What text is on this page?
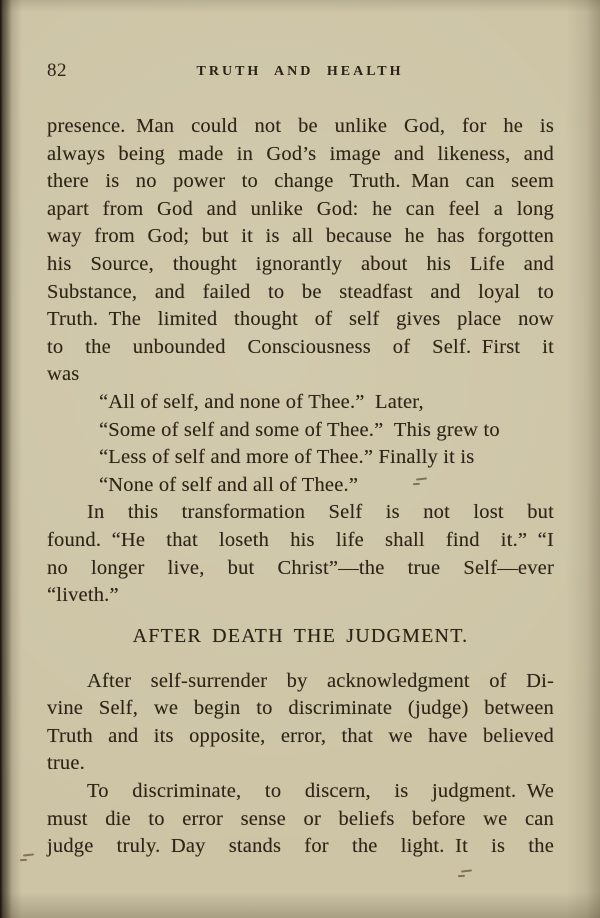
82	TRUTH AND HEALTH
presence. Man could not be unlike God, for he is
always being made in God’s image and likeness, and
there is no power to change Truth. Man can seem
apart from God and unlike God: he can feel a long
way from God; but it is all because he has forgotten
his Source, thought ignorantly about his Life and
Substance, and failed to be steadfast and loyal to
Truth. The limited thought of self gives place now
to the unbounded Consciousness of Self. First it
was
“All of self, and none of Thee.” Later,
“Some of self and some of Thee.” This grew to
“Less of self and more of Thee.” Finally it is
“None of self and all of Thee.”
In this transformation Self is not lost but
found. “He that loseth his life shall find it.” “I
no longer live, but Christ”—the true Self—ever
“liveth.”
AFTER DEATH THE JUDGMENT.
After self-surrender by acknowledgment of Di-
vine Self, we begin to discriminate (judge) between
Truth and its opposite, error, that we have believed
true.
To discriminate, to discern, is judgment. We
must die to error sense or beliefs before we can
judge truly. Day stands for the light. It is the
